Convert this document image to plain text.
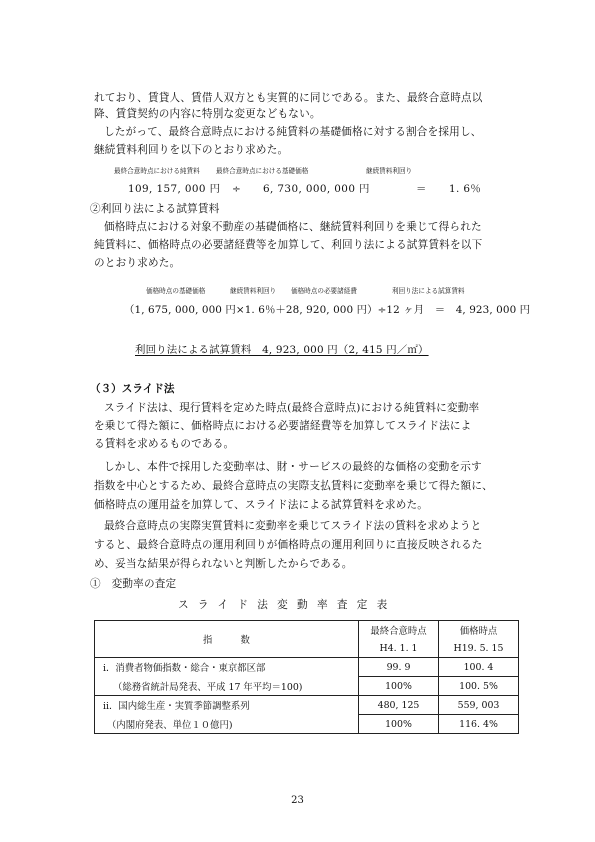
れており、賃貸人、賃借人双方とも実質的に同じである。また、最終合意時点以
降、賃貸契約の内容に特別な変更などもない。
したがって、最終合意時点における純賃料の基礎価格に対する割合を採用し、
継続賃料利回りを以下のとおり求めた。
最終合意時点における純賃料 最終合意時点における基礎価格	継続賃料利回り
109, 157, 000 円 ÷ 6, 730, 000, 000 円	＝ 1. 6％
②利回り法による試算賃料
価格時点における対象不動産の基礎価格に、継続賃料利回りを乗じて得られた
純賃料に、価格時点の必要諸経費等を加算して、利回り法による試算賃料を以下
のとおり求めた。
価格時点の基礎価格	継続賃料利回り 価格時点の必要諸経費	利回り法による試算賃料
（1, 675, 000, 000 円×1. 6％＋28, 920, 000 円）÷12 ヶ月　＝　4, 923, 000 円
利回り法による試算賃料　4, 923, 000 円（2, 415 円／㎡）
（３）スライド法
スライド法は、現行賃料を定めた時点(最終合意時点)における純賃料に変動率
を乗じて得た額に、価格時点における必要諸経費等を加算してスライド法によ
る賃料を求めるものである。
しかし、本件で採用した変動率は、財・サービスの最終的な価格の変動を示す
指数を中心とするため、最終合意時点の実際支払賃料に変動率を乗じて得た額に、
価格時点の運用益を加算して、スライド法による試算賃料を求めた。
最終合意時点の実際実質賃料に変動率を乗じてスライド法の賃料を求めようと
すると、最終合意時点の運用利回りが価格時点の運用利回りに直接反映されるた
め、妥当な結果が得られないと判断したからである。
①　変動率の査定
スライド法変動率査定表
指　　　数	最終合意時点	価格時点
	H4. 1. 1	H19. 5. 15
ⅰ．消費者物価指数・総合・東京都区部	99. 9	100. 4
（総務省統計局発表、平成 17 年平均＝100)	100%	100. 5%
ⅱ．国内総生産・実質季節調整系列	480, 125	559, 003
（内閣府発表、単位１０億円)	100%	116. 4%
23
